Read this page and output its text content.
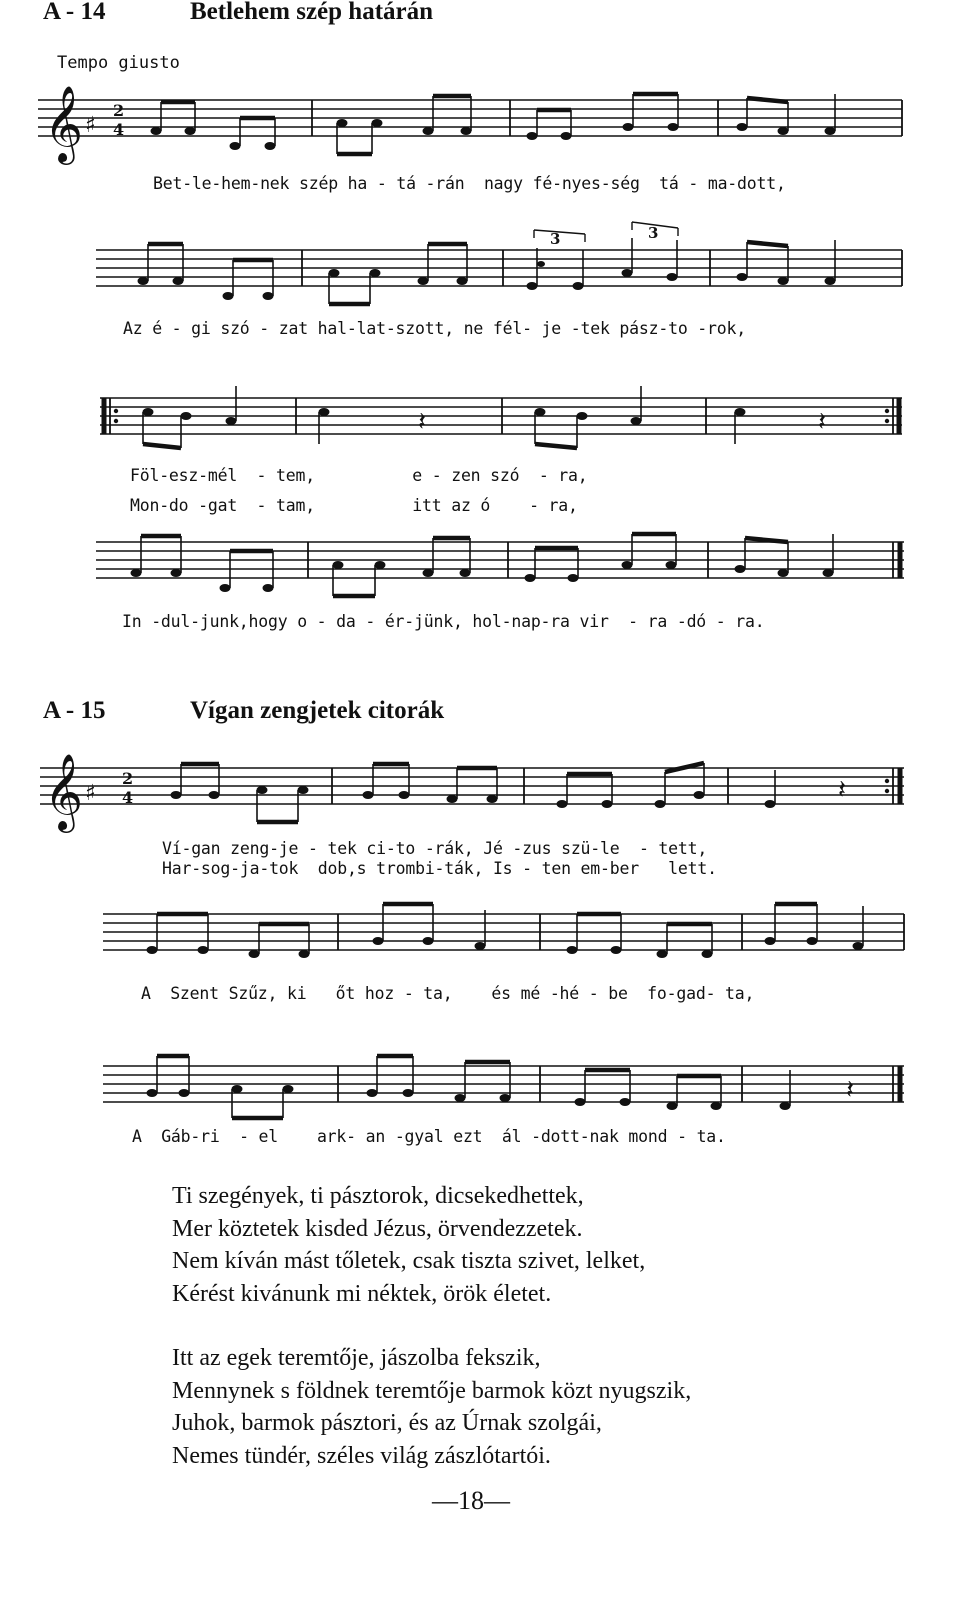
A - 14	Betlehem szép határán
Tempo giusto
𝄞 ♯
2
4
Bet-le-hem-nek szép ha - tá -rán  nagy fé-nyes-ség  tá - ma-dott,
3	3
Az é - gi szó - zat hal-lat-szott, ne fél- je -tek pász-to -rok,
𝄽	𝄽
Föl-esz-mél  - tem,          e - zen szó  - ra,
Mon-do -gat  - tam,          itt az ó    - ra,
In -dul-junk,hogy o - da - ér-jünk, hol-nap-ra vir  - ra -dó - ra.
A - 15	Vígan zengjetek citorák
𝄞 ♯
2
4	𝄽
Ví-gan zeng-je - tek ci-to -rák, Jé -zus szü-le  - tett,
Har-sog-ja-tok  dob,s trombi-ták, Is - ten em-ber   lett.
A  Szent Szűz, ki   őt hoz - ta,    és mé -hé - be  fo-gad- ta,
𝄽
A  Gáb-ri  - el    ark- an -gyal ezt  ál -dott-nak mond - ta.
Ti szegények, ti pásztorok, dicsekedhettek,
Mer köztetek kisded Jézus, örvendezzetek.
Nem kíván mást tőletek, csak tiszta szivet, lelket,
Kérést kivánunk mi néktek, örök életet.
Itt az egek teremtője, jászolba fekszik,
Mennynek s földnek teremtője barmok közt nyugszik,
Juhok, barmok pásztori, és az Úrnak szolgái,
Nemes tündér, széles világ zászlótartói.
—18—
